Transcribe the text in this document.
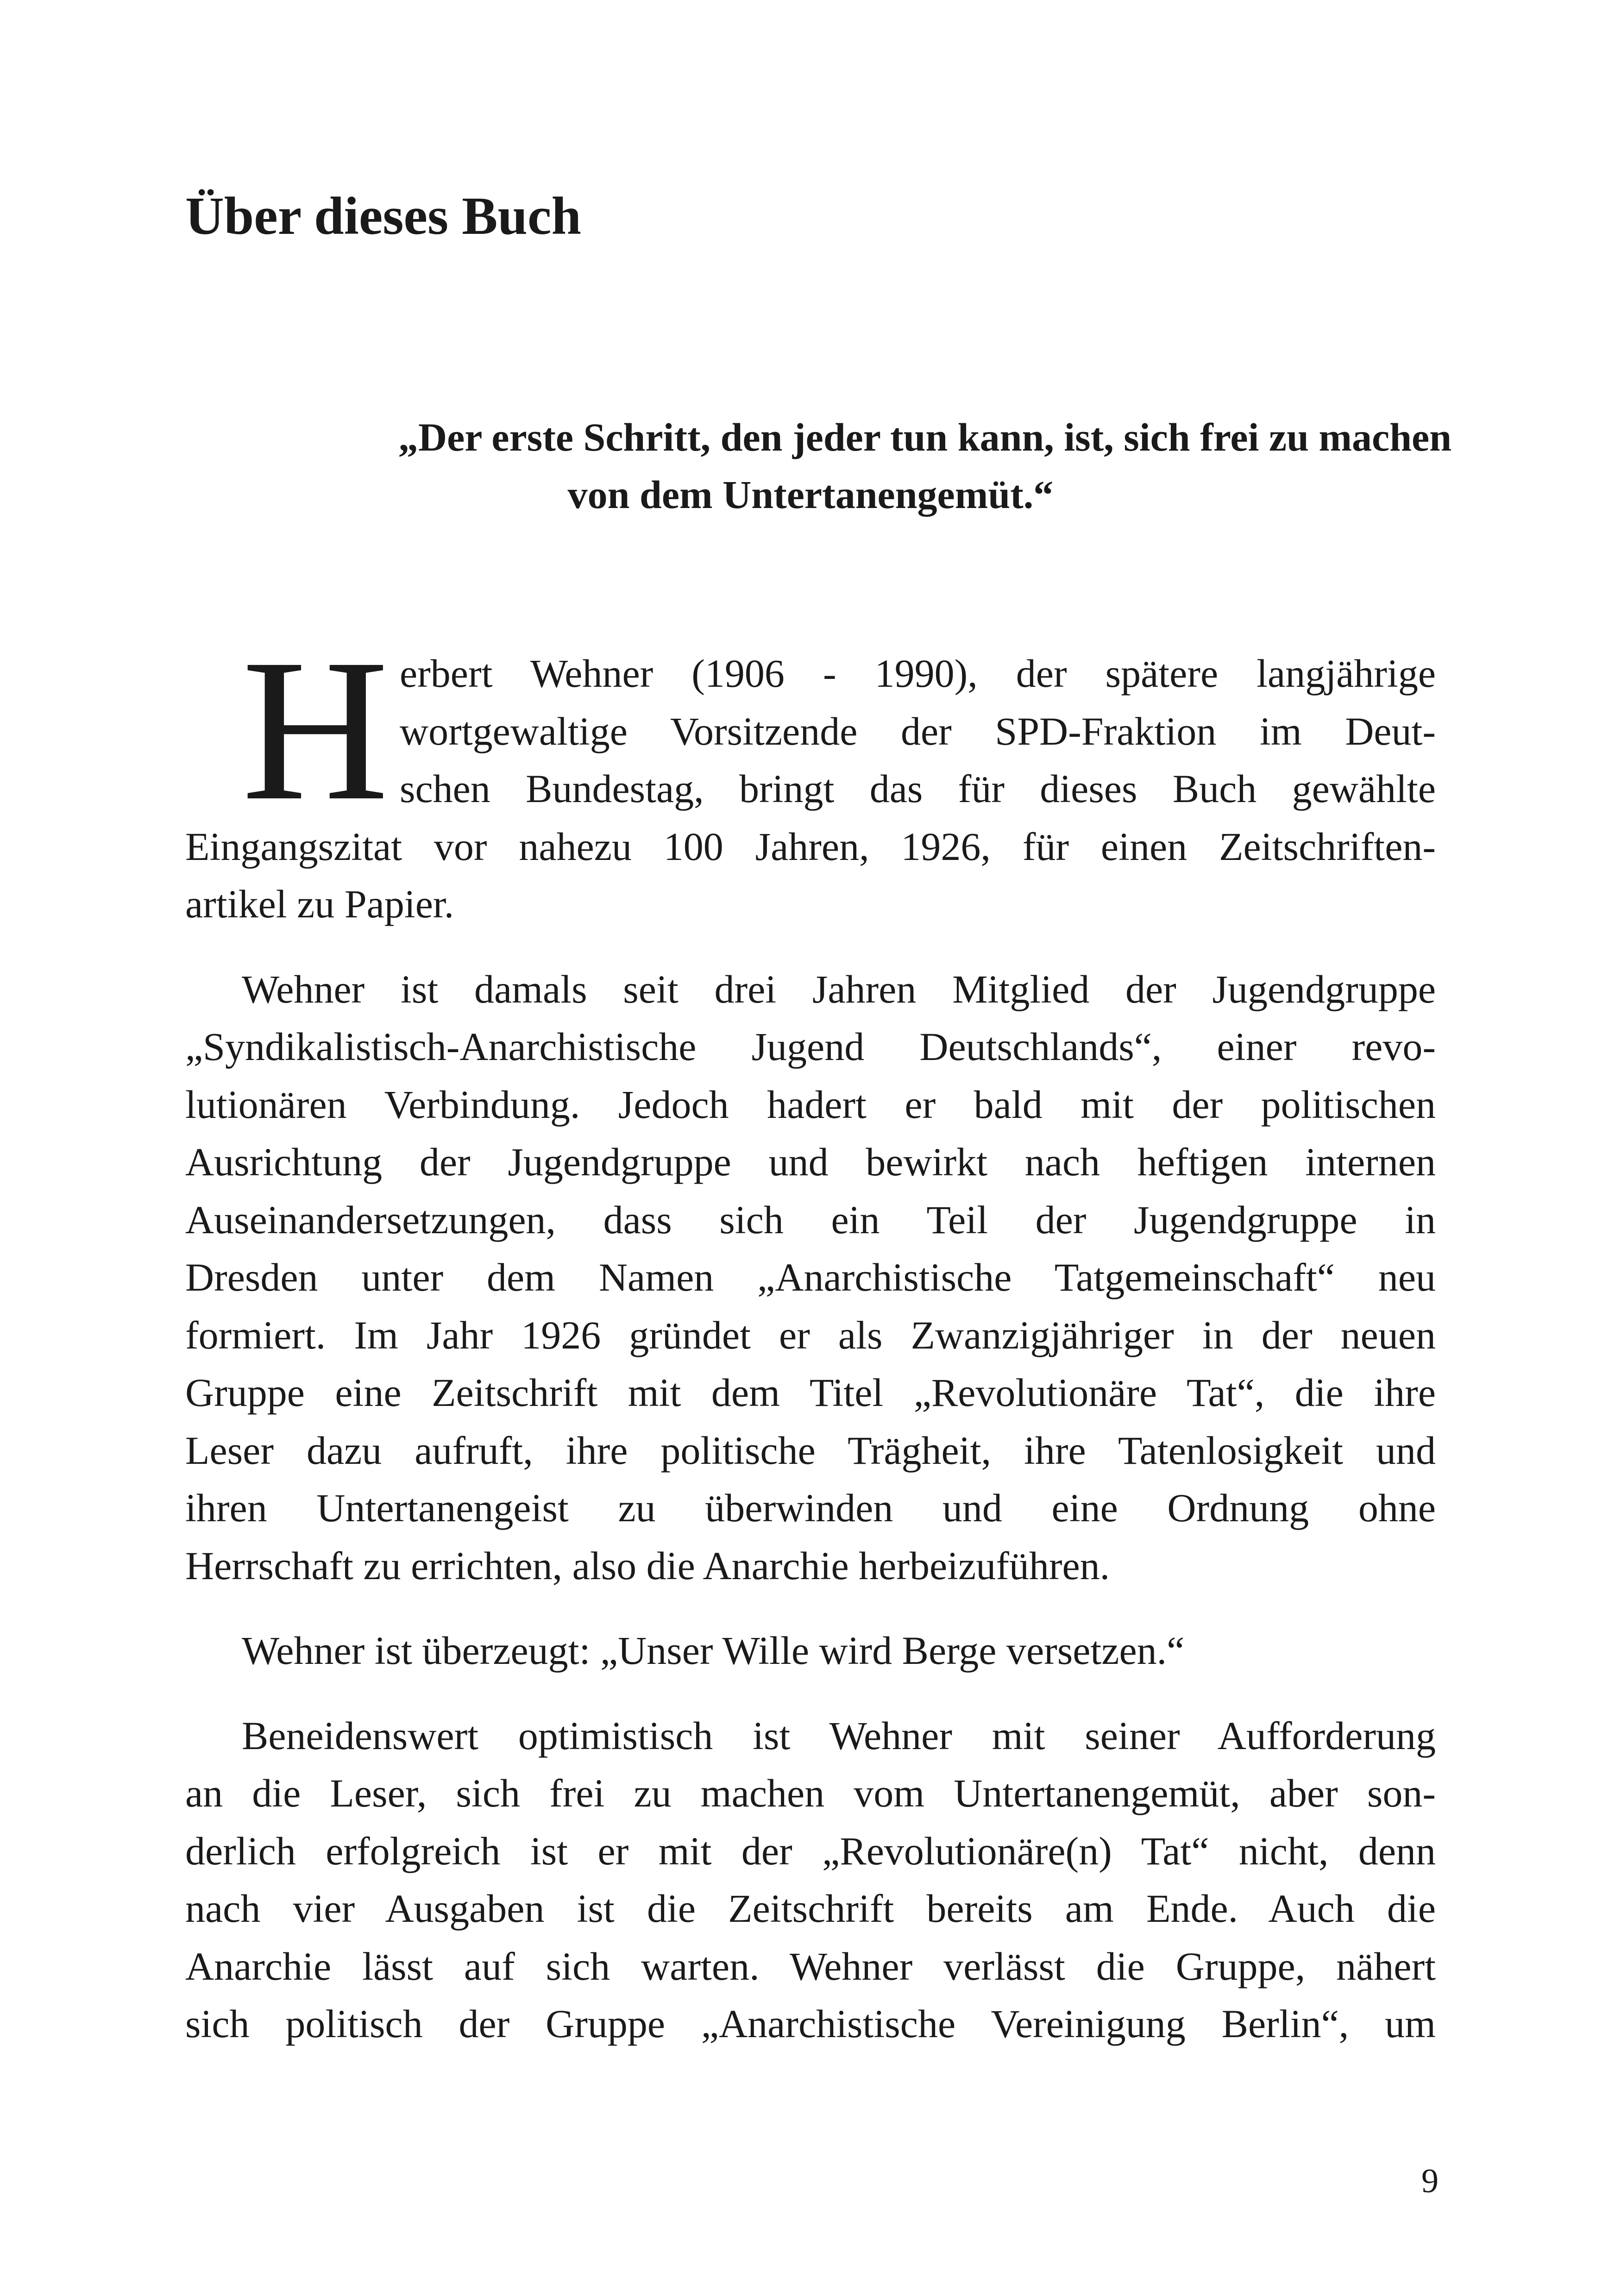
Über dieses Buch

„Der erste Schritt, den jeder tun kann, ist, sich frei zu machen
von dem Untertanengemüt.“

H erbert Wehner (1906 - 1990), der spätere langjährige
wortgewaltige Vorsitzende der SPD-Fraktion im Deut-
schen Bundestag, bringt das für dieses Buch gewählte
Eingangszitat vor nahezu 100 Jahren, 1926, für einen Zeitschriften-
artikel zu Papier.
Wehner ist damals seit drei Jahren Mitglied der Jugendgruppe
„Syndikalistisch-Anarchistische Jugend Deutschlands“, einer revo-
lutionären Verbindung. Jedoch hadert er bald mit der politischen
Ausrichtung der Jugendgruppe und bewirkt nach heftigen internen
Auseinandersetzungen, dass sich ein Teil der Jugendgruppe in
Dresden unter dem Namen „Anarchistische Tatgemeinschaft“ neu
formiert. Im Jahr 1926 gründet er als Zwanzigjähriger in der neuen
Gruppe eine Zeitschrift mit dem Titel „Revolutionäre Tat“, die ihre
Leser dazu aufruft, ihre politische Trägheit, ihre Tatenlosigkeit und
ihren Untertanengeist zu überwinden und eine Ordnung ohne
Herrschaft zu errichten, also die Anarchie herbeizuführen.
Wehner ist überzeugt: „Unser Wille wird Berge versetzen.“
Beneidenswert optimistisch ist Wehner mit seiner Aufforderung
an die Leser, sich frei zu machen vom Untertanengemüt, aber son-
derlich erfolgreich ist er mit der „Revolutionäre(n) Tat“ nicht, denn
nach vier Ausgaben ist die Zeitschrift bereits am Ende. Auch die
Anarchie lässt auf sich warten. Wehner verlässt die Gruppe, nähert
sich politisch der Gruppe „Anarchistische Vereinigung Berlin“, um
9
